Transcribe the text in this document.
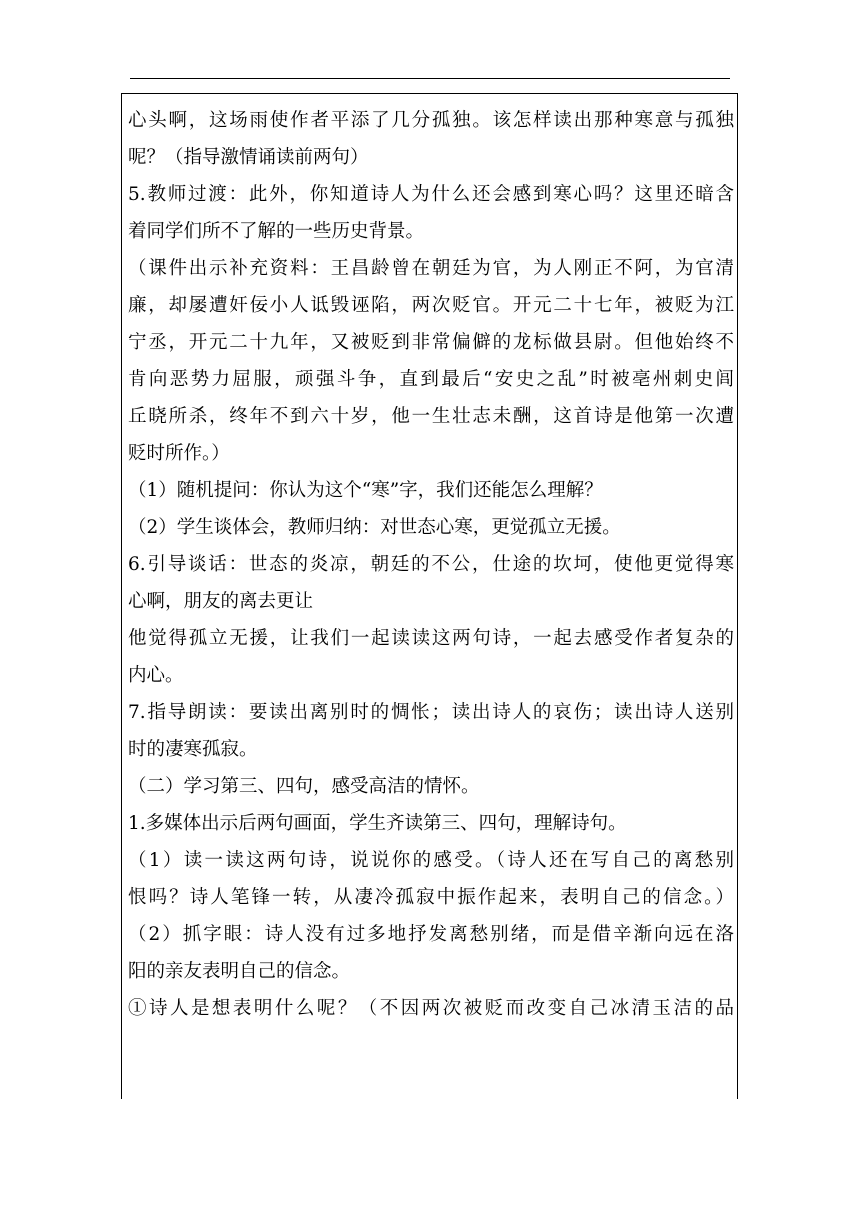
心头啊，这场雨使作者平添了几分孤独。该怎样读出那种寒意与孤独
呢？（指导激情诵读前两句）
5.教师过渡：此外，你知道诗人为什么还会感到寒心吗？这里还暗含
着同学们所不了解的一些历史背景。
（课件出示补充资料：王昌龄曾在朝廷为官，为人刚正不阿，为官清
廉，却屡遭奸佞小人诋毁诬陷，两次贬官。开元二十七年，被贬为江
宁丞，开元二十九年，又被贬到非常偏僻的龙标做县尉。但他始终不
肯向恶势力屈服，顽强斗争，直到最后“安史之乱”时被亳州刺史闾
丘晓所杀，终年不到六十岁，他一生壮志未酬，这首诗是他第一次遭
贬时所作。）
（1）随机提问：你认为这个“寒”字，我们还能怎么理解？
（2）学生谈体会，教师归纳：对世态心寒，更觉孤立无援。
6.引导谈话：世态的炎凉，朝廷的不公，仕途的坎坷，使他更觉得寒
心啊，朋友的离去更让
他觉得孤立无援，让我们一起读读这两句诗，一起去感受作者复杂的
内心。
7.指导朗读：要读出离别时的惆怅；读出诗人的哀伤；读出诗人送别
时的凄寒孤寂。
（二）学习第三、四句，感受高洁的情怀。
1.多媒体出示后两句画面，学生齐读第三、四句，理解诗句。
（1）读一读这两句诗，说说你的感受。（诗人还在写自己的离愁别
恨吗？诗人笔锋一转，从凄冷孤寂中振作起来，表明自己的信念。）
（2）抓字眼：诗人没有过多地抒发离愁别绪，而是借辛渐向远在洛
阳的亲友表明自己的信念。
①诗人是想表明什么呢？（不因两次被贬而改变自己冰清玉洁的品
